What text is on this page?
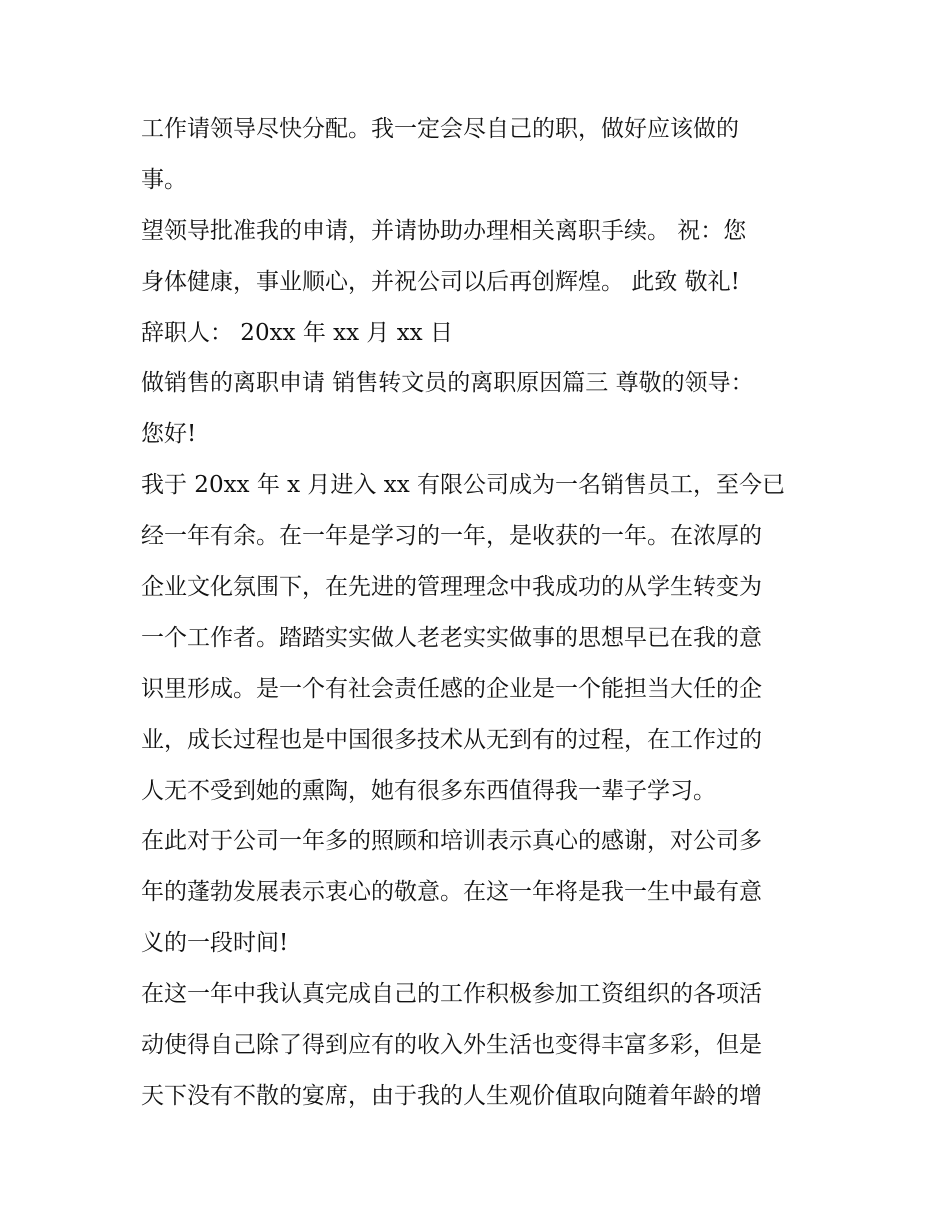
工作请领导尽快分配。我一定会尽自己的职，做好应该做的
事。
望领导批准我的申请，并请协助办理相关离职手续。 祝：您
身体健康，事业顺心，并祝公司以后再创辉煌。 此致 敬礼!
辞职人： 20xx 年 xx 月 xx 日
做销售的离职申请 销售转文员的离职原因篇三 尊敬的领导：
您好!
我于 20xx 年 x 月进入 xx 有限公司成为一名销售员工，至今已
经一年有余。在一年是学习的一年，是收获的一年。在浓厚的
企业文化氛围下，在先进的管理理念中我成功的从学生转变为
一个工作者。踏踏实实做人老老实实做事的思想早已在我的意
识里形成。是一个有社会责任感的企业是一个能担当大任的企
业，成长过程也是中国很多技术从无到有的过程，在工作过的
人无不受到她的熏陶，她有很多东西值得我一辈子学习。
在此对于公司一年多的照顾和培训表示真心的感谢，对公司多
年的蓬勃发展表示衷心的敬意。在这一年将是我一生中最有意
义的一段时间!
在这一年中我认真完成自己的工作积极参加工资组织的各项活
动使得自己除了得到应有的收入外生活也变得丰富多彩，但是
天下没有不散的宴席，由于我的人生观价值取向随着年龄的增
